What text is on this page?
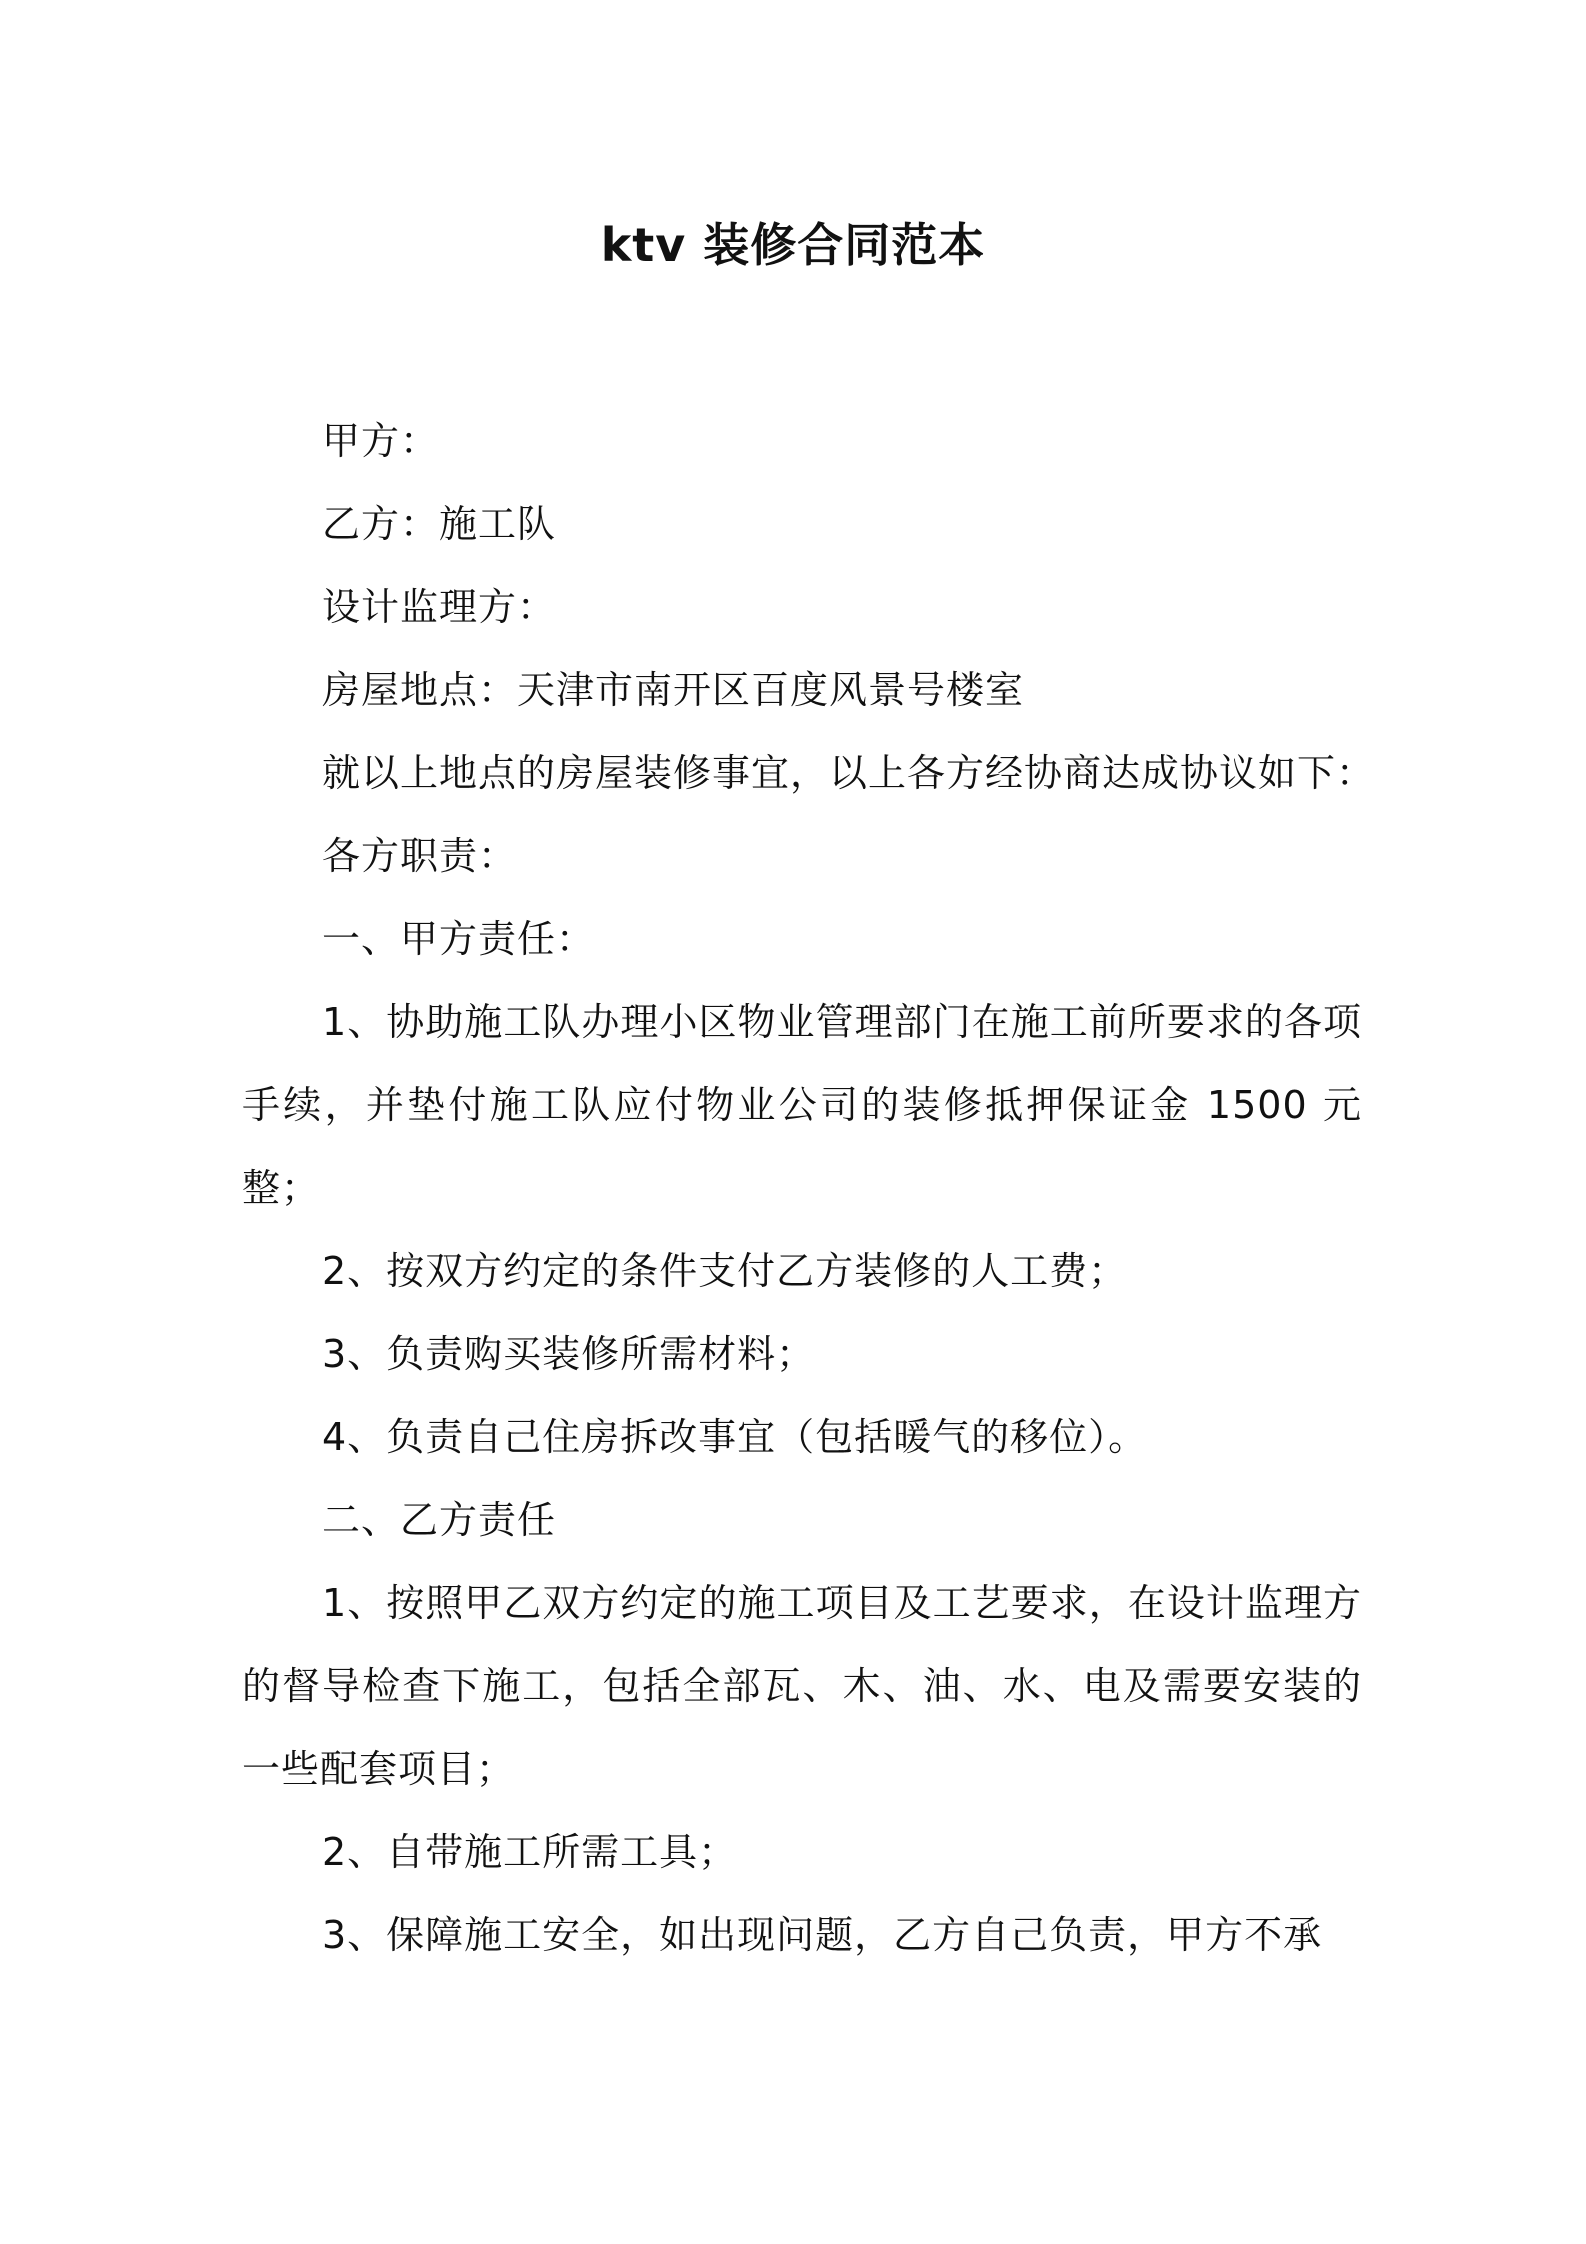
ktv 装修合同范本

甲方：

乙方：施工队

设计监理方：

房屋地点：天津市南开区百度风景号楼室

就以上地点的房屋装修事宜，以上各方经协商达成协议如下：

各方职责：

一、甲方责任：

1、协助施工队办理小区物业管理部门在施工前所要求的各项手续，并垫付施工队应付物业公司的装修抵押保证金 1500 元整；

2、按双方约定的条件支付乙方装修的人工费；

3、负责购买装修所需材料；

4、负责自己住房拆改事宜（包括暖气的移位）。

二、乙方责任

1、按照甲乙双方约定的施工项目及工艺要求，在设计监理方的督导检查下施工，包括全部瓦、木、油、水、电及需要安装的一些配套项目；

2、自带施工所需工具；

3、保障施工安全，如出现问题，乙方自己负责，甲方不承
